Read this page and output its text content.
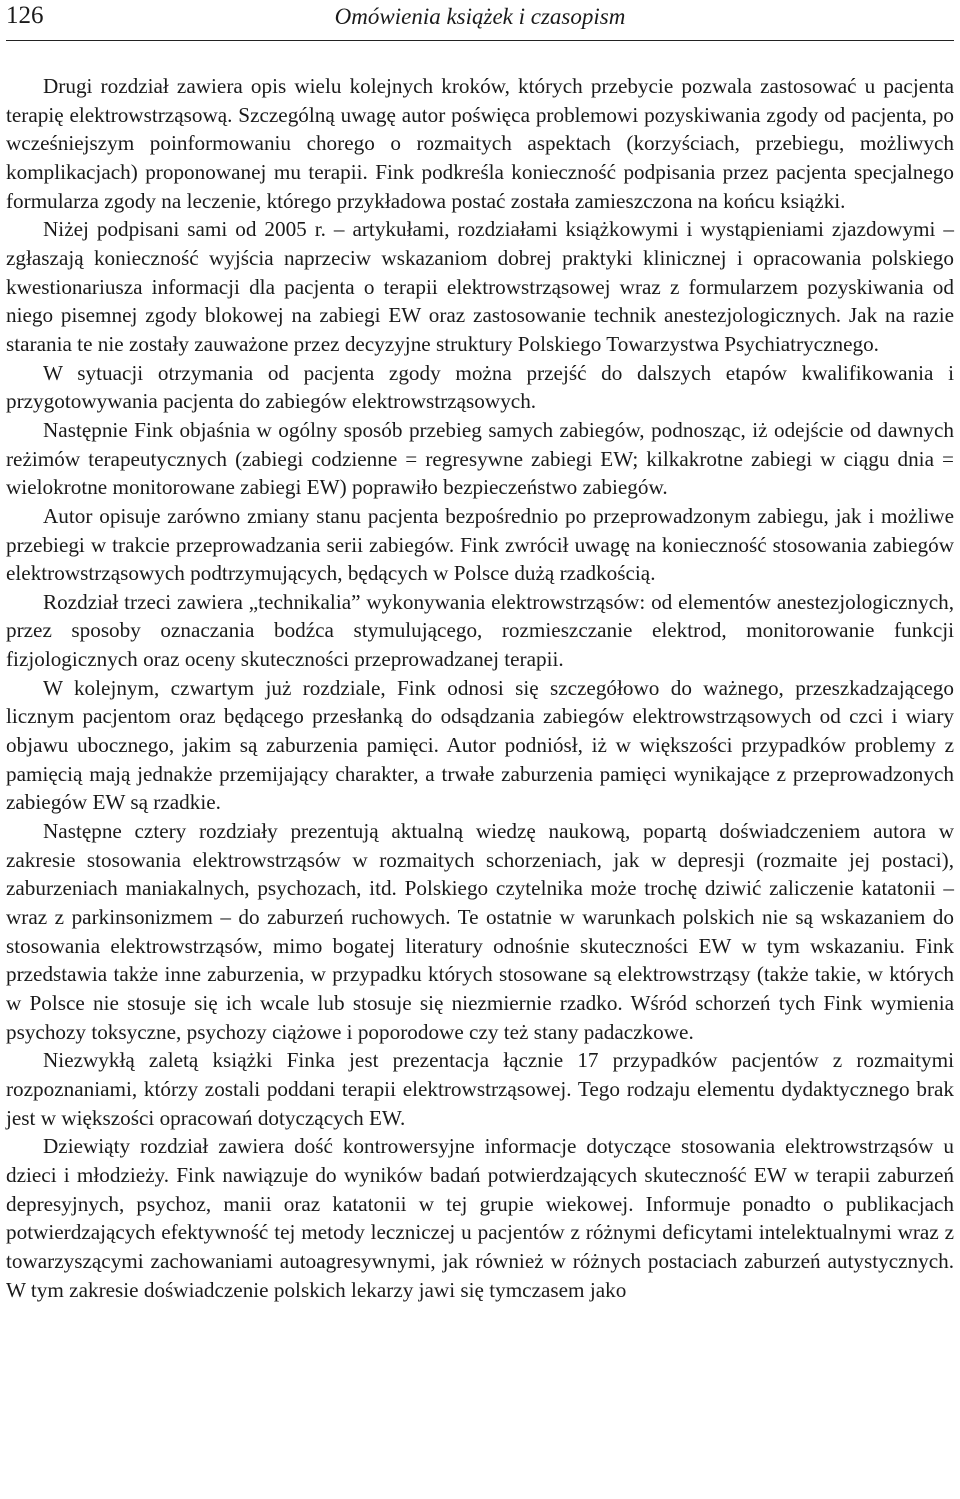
126	Omówienia książek i czasopism

Drugi rozdział zawiera opis wielu kolejnych kroków, których przebycie pozwala zastosować u pacjenta terapię elektrowstrząsową. Szczególną uwagę autor poświęca problemowi pozyskiwania zgody od pacjenta, po wcześniejszym poinformowaniu chorego o rozmaitych aspektach (korzyściach, przebiegu, możliwych komplikacjach) proponowanej mu terapii. Fink podkreśla konieczność podpisania przez pacjenta specjalnego formularza zgody na leczenie, którego przykładowa postać została zamieszczona na końcu książki.

Niżej podpisani sami od 2005 r. – artykułami, rozdziałami książkowymi i wystąpieniami zjazdowymi – zgłaszają konieczność wyjścia naprzeciw wskazaniom dobrej praktyki klinicznej i opracowania polskiego kwestionariusza informacji dla pacjenta o terapii elektrowstrząsowej wraz z formularzem pozyskiwania od niego pisemnej zgody blokowej na zabiegi EW oraz zastosowanie technik anestezjologicznych. Jak na razie starania te nie zostały zauważone przez decyzyjne struktury Polskiego Towarzystwa Psychiatrycznego.

W sytuacji otrzymania od pacjenta zgody można przejść do dalszych etapów kwalifikowania i przygotowywania pacjenta do zabiegów elektrowstrząsowych.

Następnie Fink objaśnia w ogólny sposób przebieg samych zabiegów, podnosząc, iż odejście od dawnych reżimów terapeutycznych (zabiegi codzienne = regresywne zabiegi EW; kilkakrotne zabiegi w ciągu dnia = wielokrotne monitorowane zabiegi EW) poprawiło bezpieczeństwo zabiegów.

Autor opisuje zarówno zmiany stanu pacjenta bezpośrednio po przeprowadzonym zabiegu, jak i możliwe przebiegi w trakcie przeprowadzania serii zabiegów. Fink zwrócił uwagę na konieczność stosowania zabiegów elektrowstrząsowych podtrzymujących, będących w Polsce dużą rzadkością.

Rozdział trzeci zawiera „technikalia” wykonywania elektrowstrząsów: od elementów anestezjologicznych, przez sposoby oznaczania bodźca stymulującego, rozmieszczanie elektrod, monitorowanie funkcji fizjologicznych oraz oceny skuteczności przeprowadzanej terapii.

W kolejnym, czwartym już rozdziale, Fink odnosi się szczegółowo do ważnego, przeszkadzającego licznym pacjentom oraz będącego przesłanką do odsądzania zabiegów elektrowstrząsowych od czci i wiary objawu ubocznego, jakim są zaburzenia pamięci. Autor podniósł, iż w większości przypadków problemy z pamięcią mają jednakże przemijający charakter, a trwałe zaburzenia pamięci wynikające z przeprowadzonych zabiegów EW są rzadkie.

Następne cztery rozdziały prezentują aktualną wiedzę naukową, popartą doświadczeniem autora w zakresie stosowania elektrowstrząsów w rozmaitych schorzeniach, jak w depresji (rozmaite jej postaci), zaburzeniach maniakalnych, psychozach, itd. Polskiego czytelnika może trochę dziwić zaliczenie katatonii – wraz z parkinsonizmem – do zaburzeń ruchowych. Te ostatnie w warunkach polskich nie są wskazaniem do stosowania elektrowstrząsów, mimo bogatej literatury odnośnie skuteczności EW w tym wskazaniu. Fink przedstawia także inne zaburzenia, w przypadku których stosowane są elektrowstrząsy (także takie, w których w Polsce nie stosuje się ich wcale lub stosuje się niezmiernie rzadko. Wśród schorzeń tych Fink wymienia psychozy toksyczne, psychozy ciążowe i poporodowe czy też stany padaczkowe.

Niezwykłą zaletą książki Finka jest prezentacja łącznie 17 przypadków pacjentów z rozmaitymi rozpoznaniami, którzy zostali poddani terapii elektrowstrząsowej. Tego rodzaju elementu dydaktycznego brak jest w większości opracowań dotyczących EW.

Dziewiąty rozdział zawiera dość kontrowersyjne informacje dotyczące stosowania elektrowstrząsów u dzieci i młodzieży. Fink nawiązuje do wyników badań potwierdzających skuteczność EW w terapii zaburzeń depresyjnych, psychoz, manii oraz katatonii w tej grupie wiekowej. Informuje ponadto o publikacjach potwierdzających efektywność tej metody leczniczej u pacjentów z różnymi deficytami intelektualnymi wraz z towarzyszącymi zachowaniami autoagresywnymi, jak również w różnych postaciach zaburzeń autystycznych. W tym zakresie doświadczenie polskich lekarzy jawi się tymczasem jako
